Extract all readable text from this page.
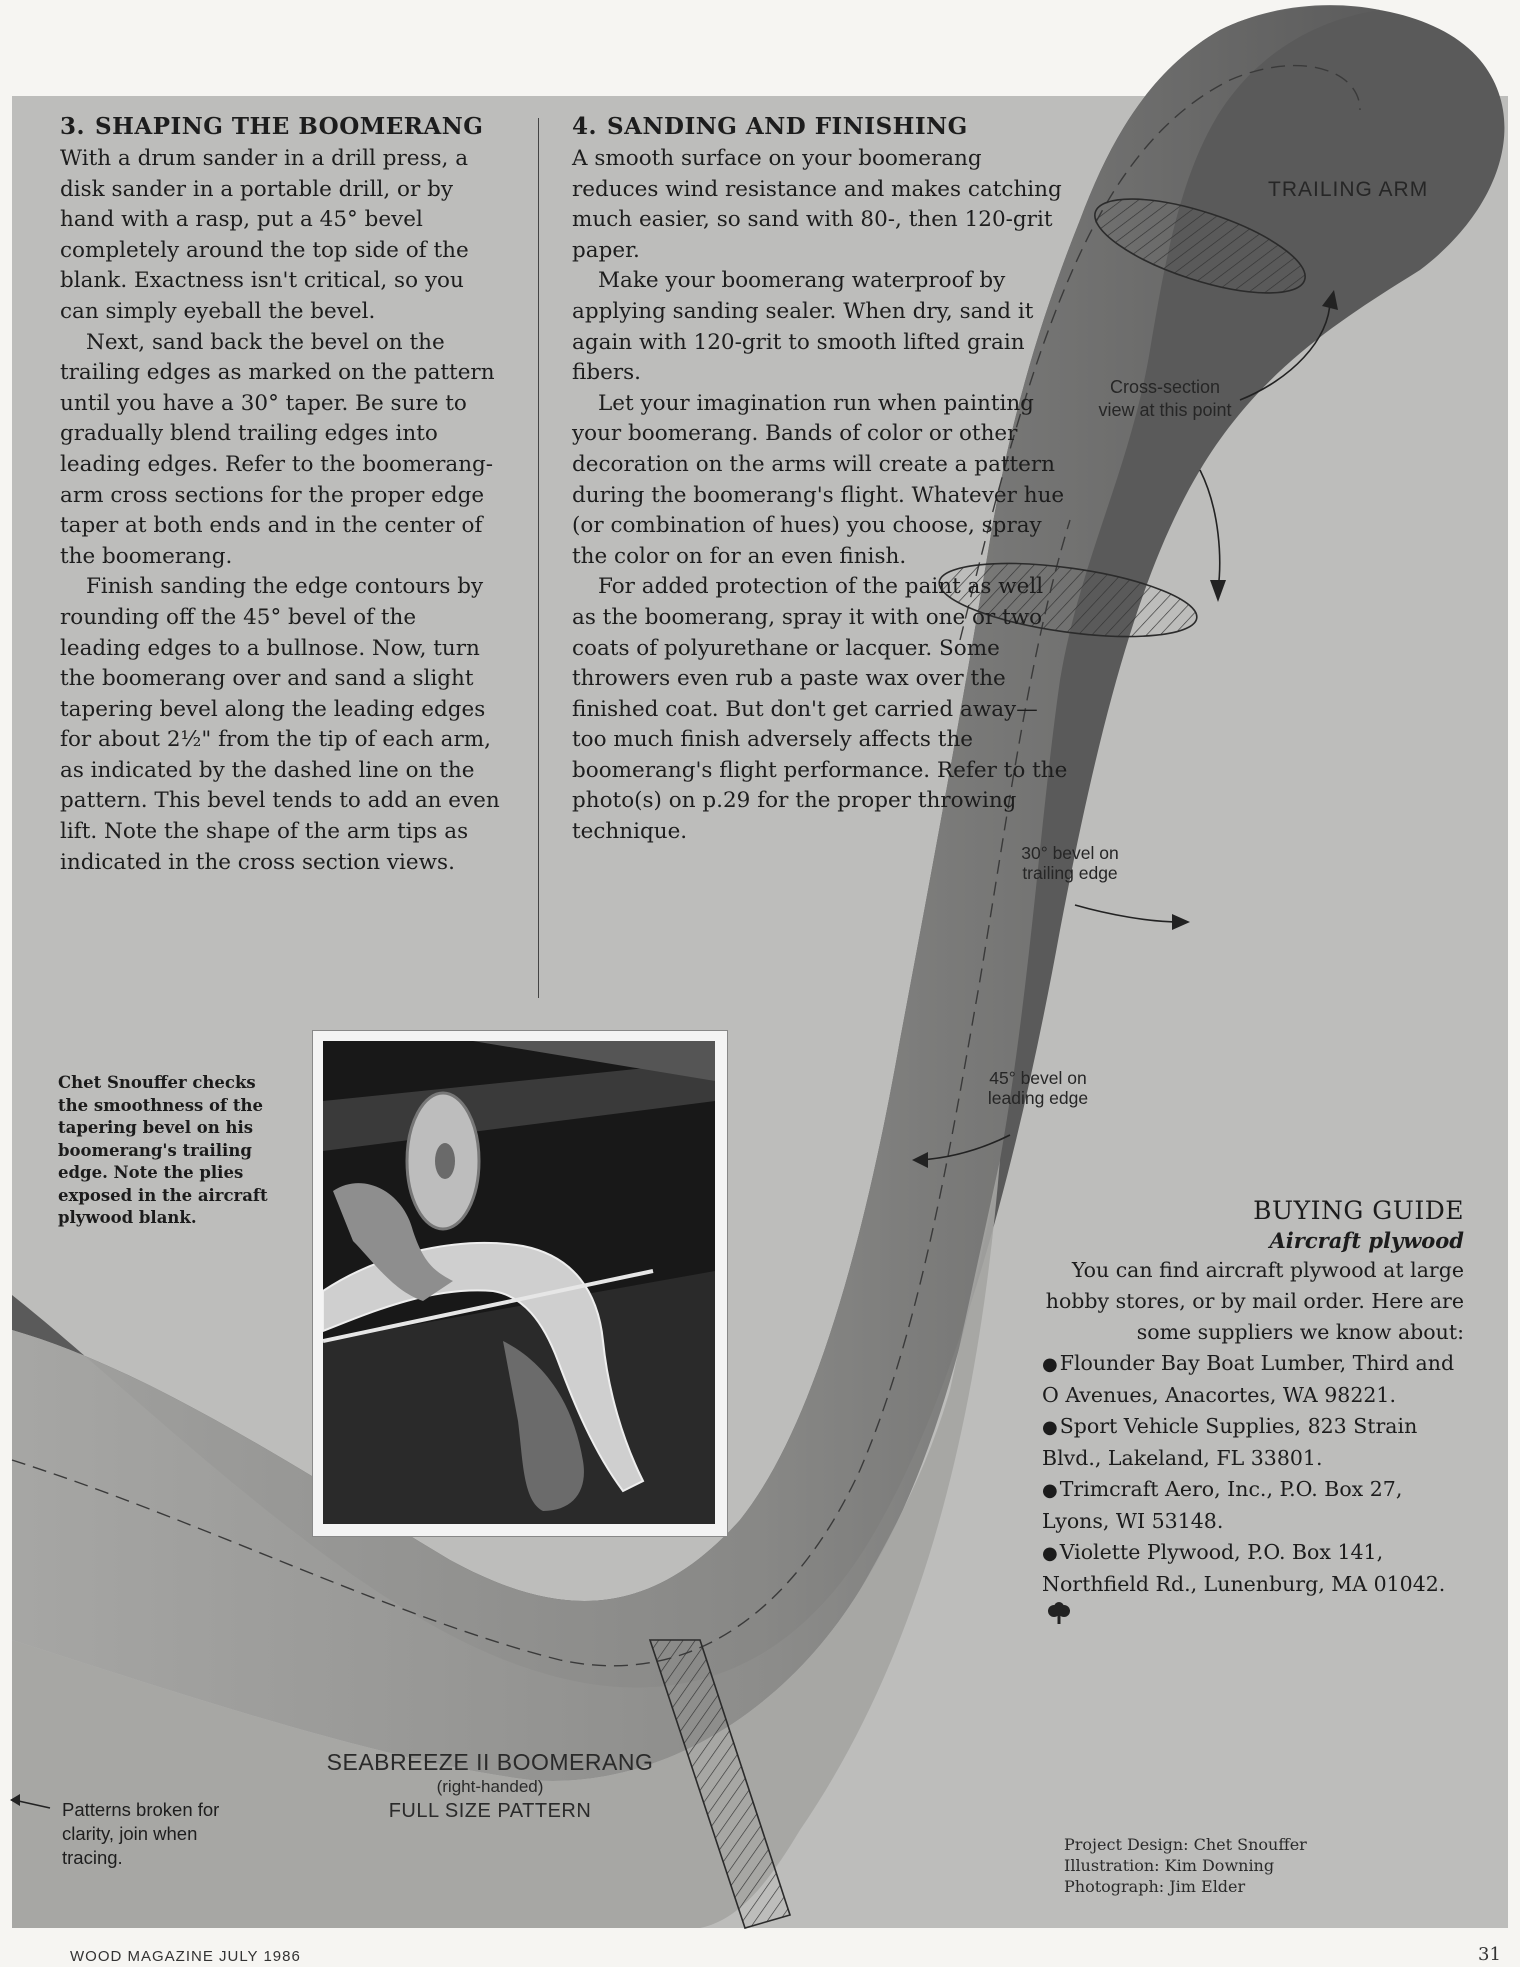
3. SHAPING THE BOOMERANG

With a drum sander in a drill press, a disk sander in a portable drill, or by hand with a rasp, put a 45° bevel completely around the top side of the blank. Exactness isn't critical, so you can simply eyeball the bevel.

Next, sand back the bevel on the trailing edges as marked on the pattern until you have a 30° taper. Be sure to gradually blend trailing edges into leading edges. Refer to the boomerang-arm cross sections for the proper edge taper at both ends and in the center of the boomerang.

Finish sanding the edge contours by rounding off the 45° bevel of the leading edges to a bullnose. Now, turn the boomerang over and sand a slight tapering bevel along the leading edges for about 2½" from the tip of each arm, as indicated by the dashed line on the pattern. This bevel tends to add an even lift. Note the shape of the arm tips as indicated in the cross section views.

4. SANDING AND FINISHING

A smooth surface on your boomerang reduces wind resistance and makes catching much easier, so sand with 80-, then 120-grit paper.

Make your boomerang waterproof by applying sanding sealer. When dry, sand it again with 120-grit to smooth lifted grain fibers.

Let your imagination run when painting your boomerang. Bands of color or other decoration on the arms will create a pattern during the boomerang's flight. Whatever hue (or combination of hues) you choose, spray the color on for an even finish.

For added protection of the paint as well as the boomerang, spray it with one or two coats of polyurethane or lacquer. Some throwers even rub a paste wax over the finished coat. But don't get carried away—too much finish adversely affects the boomerang's flight performance. Refer to the photo(s) on p.29 for the proper throwing technique.

Chet Snouffer checks the smoothness of the tapering bevel on his boomerang's trailing edge. Note the plies exposed in the aircraft plywood blank.
TRAILING ARM
Cross-section view at this point
30° bevel on trailing edge
45° bevel on leading edge
SEABREEZE II BOOMERANG
(right-handed)
FULL SIZE PATTERN
Patterns broken for clarity, join when tracing.
BUYING GUIDE
Aircraft plywood
You can find aircraft plywood at large hobby stores, or by mail order. Here are some suppliers we know about:
●Flounder Bay Boat Lumber, Third and O Avenues, Anacortes, WA 98221.
●Sport Vehicle Supplies, 823 Strain Blvd., Lakeland, FL 33801.
●Trimcraft Aero, Inc., P.O. Box 27, Lyons, WI 53148.
●Violette Plywood, P.O. Box 141, Northfield Rd., Lunenburg, MA 01042.
Project Design: Chet Snouffer
Illustration: Kim Downing
Photograph: Jim Elder
WOOD MAGAZINE JULY 1986	31
